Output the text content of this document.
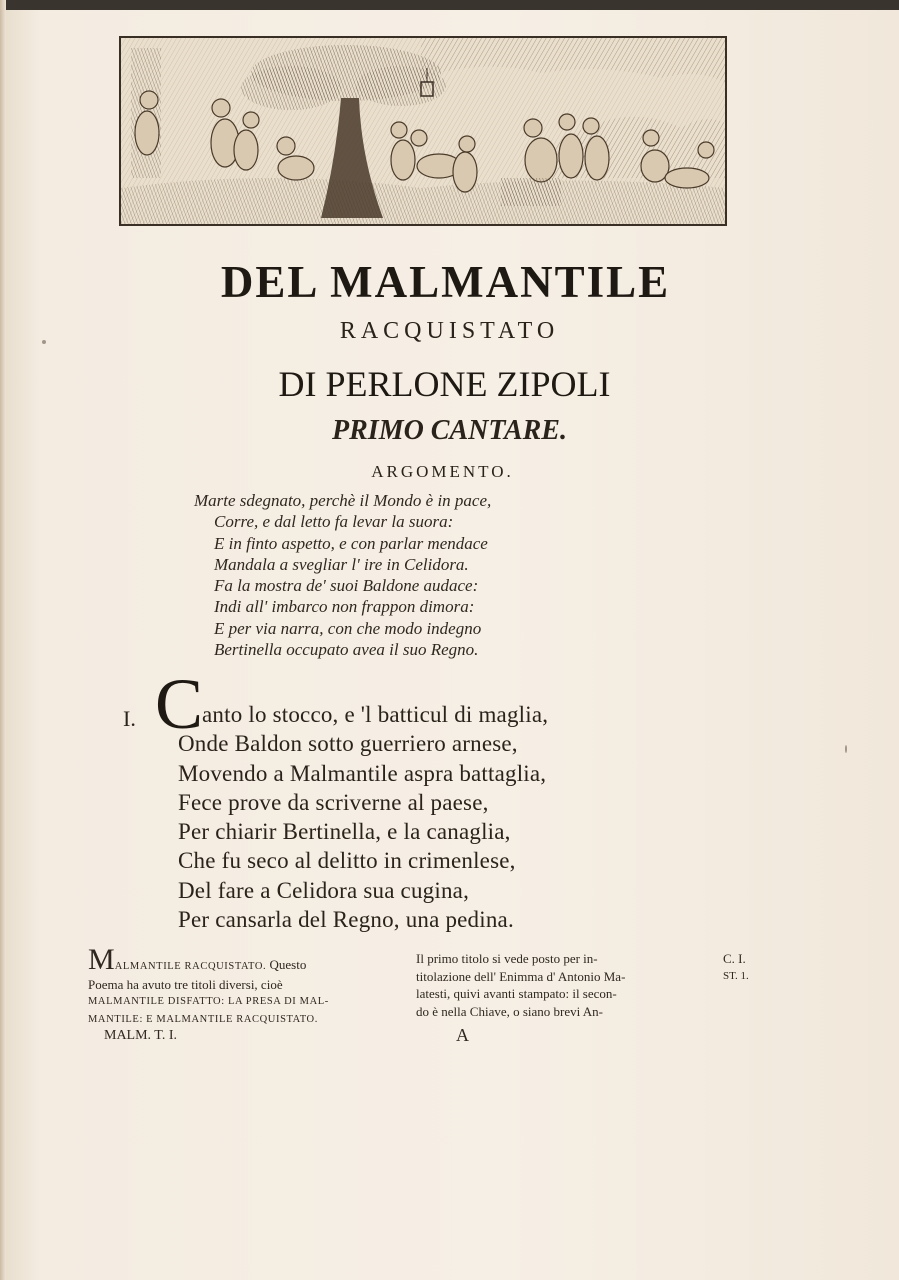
DEL MALMANTILE
RACQUISTATO
DI PERLONE ZIPOLI
PRIMO CANTARE.
ARGOMENTO.
Marte sdegnato, perchè il Mondo è in pace,
Corre, e dal letto fa levar la suora:
E in finto aspetto, e con parlar mendace
Mandala a svegliar l' ire in Celidora.
Fa la mostra de' suoi Baldone audace:
Indi all' imbarco non frappon dimora:
E per via narra, con che modo indegno
Bertinella occupato avea il suo Regno.
I. C
anto lo stocco, e 'l batticul di maglia,
Onde Baldon sotto guerriero arnese,
Movendo a Malmantile aspra battaglia,
Fece prove da scriverne al paese,
Per chiarir Bertinella, e la canaglia,
Che fu seco al delitto in crimenlese,
Del fare a Celidora sua cugina,
Per cansarla del Regno, una pedina.
MALMANTILE RACQUISTATO. Questo
Poema ha avuto tre titoli diversi, cioè
MALMANTILE DISFATTO: LA PRESA DI MAL-
MANTILE: E MALMANTILE RACQUISTATO.
Il primo titolo si vede posto per in-
titolazione dell' Enimma d' Antonio Ma-
latesti, quivi avanti stampato: il secon-
do è nella Chiave, o siano brevi An-
C. I.
ST. 1.
MALM. T. I.	A
